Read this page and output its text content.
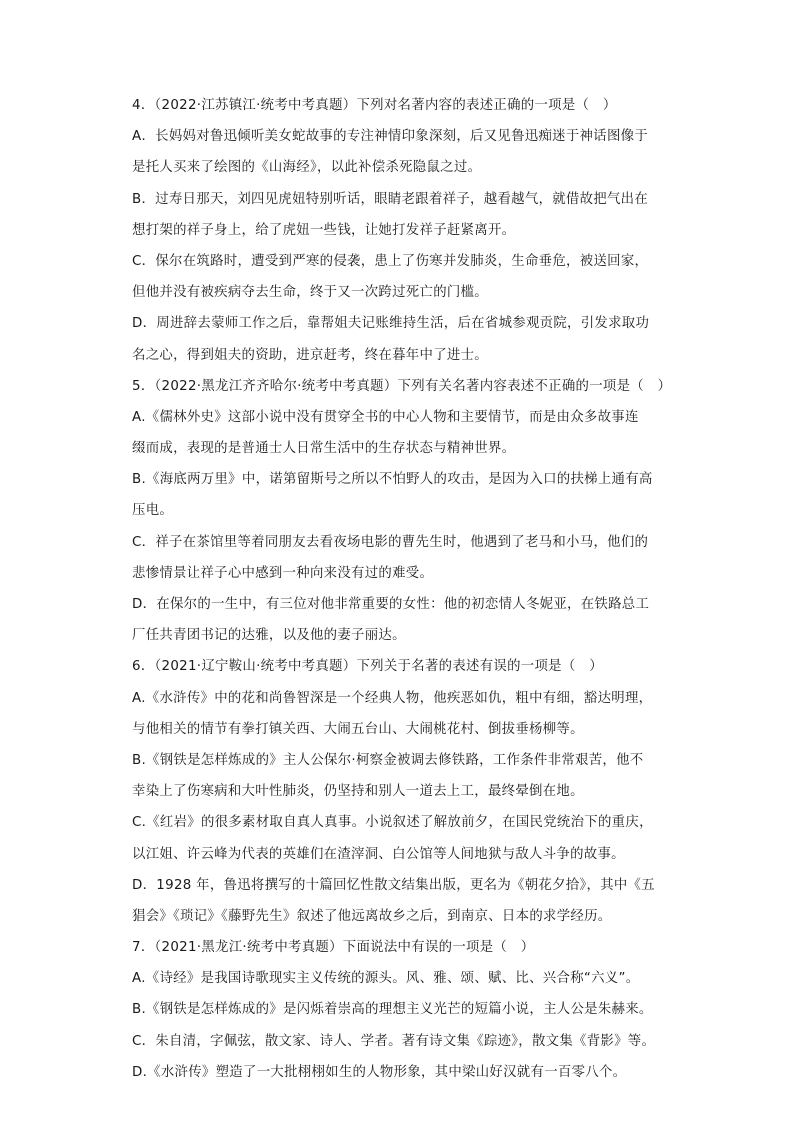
4．（2022·江苏镇江·统考中考真题）下列对名著内容的表述正确的一项是（　）
A．长妈妈对鲁迅倾听美女蛇故事的专注神情印象深刻，后又见鲁迅痴迷于神话图像于
是托人买来了绘图的《山海经》，以此补偿杀死隐鼠之过。
B．过寿日那天，刘四见虎妞特别听话，眼睛老跟着祥子，越看越气，就借故把气出在
想打架的祥子身上，给了虎妞一些钱，让她打发祥子赶紧离开。
C．保尔在筑路时，遭受到严寒的侵袭，患上了伤寒并发肺炎，生命垂危，被送回家，
但他并没有被疾病夺去生命，终于又一次跨过死亡的门槛。
D．周进辞去蒙师工作之后，靠帮姐夫记账维持生活，后在省城参观贡院，引发求取功
名之心，得到姐夫的资助，进京赶考，终在暮年中了进士。
5．（2022·黑龙江齐齐哈尔·统考中考真题）下列有关名著内容表述不正确的一项是（　）
A.《儒林外史》这部小说中没有贯穿全书的中心人物和主要情节，而是由众多故事连
缀而成，表现的是普通士人日常生活中的生存状态与精神世界。
B.《海底两万里》中，诺第留斯号之所以不怕野人的攻击，是因为入口的扶梯上通有高
压电。
C．祥子在茶馆里等着同朋友去看夜场电影的曹先生时，他遇到了老马和小马，他们的
悲惨情景让祥子心中感到一种向来没有过的难受。
D．在保尔的一生中，有三位对他非常重要的女性：他的初恋情人冬妮亚，在铁路总工
厂任共青团书记的达雅，以及他的妻子丽达。
6．（2021·辽宁鞍山·统考中考真题）下列关于名著的表述有误的一项是（　）
A.《水浒传》中的花和尚鲁智深是一个经典人物，他疾恶如仇，粗中有细，豁达明理，
与他相关的情节有拳打镇关西、大闹五台山、大闹桃花村、倒拔垂杨柳等。
B.《钢铁是怎样炼成的》主人公保尔·柯察金被调去修铁路，工作条件非常艰苦，他不
幸染上了伤寒病和大叶性肺炎，仍坚持和别人一道去上工，最终晕倒在地。
C.《红岩》的很多素材取自真人真事。小说叙述了解放前夕，在国民党统治下的重庆，
以江姐、许云峰为代表的英雄们在渣滓洞、白公馆等人间地狱与敌人斗争的故事。
D．1928 年，鲁迅将撰写的十篇回忆性散文结集出版，更名为《朝花夕拾》，其中《五
猖会》《琐记》《藤野先生》叙述了他远离故乡之后，到南京、日本的求学经历。
7．（2021·黑龙江·统考中考真题）下面说法中有误的一项是（　）
A.《诗经》是我国诗歌现实主义传统的源头。风、雅、颂、赋、比、兴合称“六义”。
B.《钢铁是怎样炼成的》是闪烁着崇高的理想主义光芒的短篇小说，主人公是朱赫来。
C．朱自清，字佩弦，散文家、诗人、学者。著有诗文集《踪迹》，散文集《背影》等。
D.《水浒传》塑造了一大批栩栩如生的人物形象，其中梁山好汉就有一百零八个。
